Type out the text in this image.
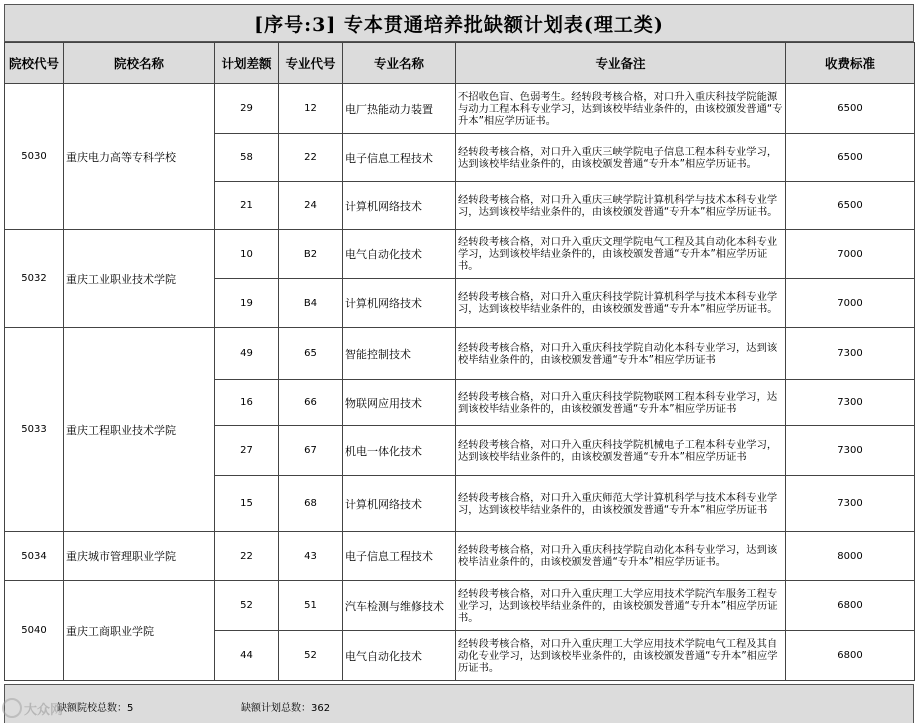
[序号:3] 专本贯通培养批缺额计划表(理工类)
院校代号	院校名称	计划差额	专业代号	专业名称	专业备注	收费标准
5030	重庆电力高等专科学校	29	12	电厂热能动力装置	不招收色盲、色弱考生。经转段考核合格，对口升入重庆科技学院能源与动力工程本科专业学习，达到该校毕结业条件的，由该校颁发普通“专升本”相应学历证书。	6500
		58	22	电子信息工程技术	经转段考核合格，对口升入重庆三峡学院电子信息工程本科专业学习，达到该校毕结业条件的，由该校颁发普通“专升本”相应学历证书。	6500
		21	24	计算机网络技术	经转段考核合格，对口升入重庆三峡学院计算机科学与技术本科专业学习，达到该校毕结业条件的，由该校颁发普通“专升本”相应学历证书。	6500
5032	重庆工业职业技术学院	10	B2	电气自动化技术	经转段考核合格，对口升入重庆文理学院电气工程及其自动化本科专业学习，达到该校毕结业条件的，由该校颁发普通“专升本”相应学历证书。	7000
		19	B4	计算机网络技术	经转段考核合格，对口升入重庆科技学院计算机科学与技术本科专业学习，达到该校毕结业条件的，由该校颁发普通“专升本”相应学历证书。	7000
5033	重庆工程职业技术学院	49	65	智能控制技术	经转段考核合格，对口升入重庆科技学院自动化本科专业学习，达到该校毕结业条件的，由该校颁发普通“专升本”相应学历证书	7300
		16	66	物联网应用技术	经转段考核合格，对口升入重庆科技学院物联网工程本科专业学习，达到该校毕结业条件的，由该校颁发普通“专升本”相应学历证书	7300
		27	67	机电一体化技术	经转段考核合格，对口升入重庆科技学院机械电子工程本科专业学习，达到该校毕结业条件的，由该校颁发普通“专升本”相应学历证书	7300
		15	68	计算机网络技术	经转段考核合格，对口升入重庆师范大学计算机科学与技术本科专业学习，达到该校毕结业条件的，由该校颁发普通“专升本”相应学历证书	7300
5034	重庆城市管理职业学院	22	43	电子信息工程技术	经转段考核合格，对口升入重庆科技学院自动化本科专业学习，达到该校毕洁业条件的，由该校颁发普通“专升本”相应学历证书。	8000
5040	重庆工商职业学院	52	51	汽车检测与维修技术	经转段考核合格，对口升入重庆理工大学应用技术学院汽车服务工程专业学习，达到该校毕结业条件的，由该校颁发普通“专升本”相应学历证书。	6800
		44	52	电气自动化技术	经转段考核合格，对口升入重庆理工大学应用技术学院电气工程及其自动化专业学习，达到该校毕业条件的，由该校颁发普通“专升本”相应学历证书。	6800
缺额院校总数：5	缺额计划总数：362
大众网
